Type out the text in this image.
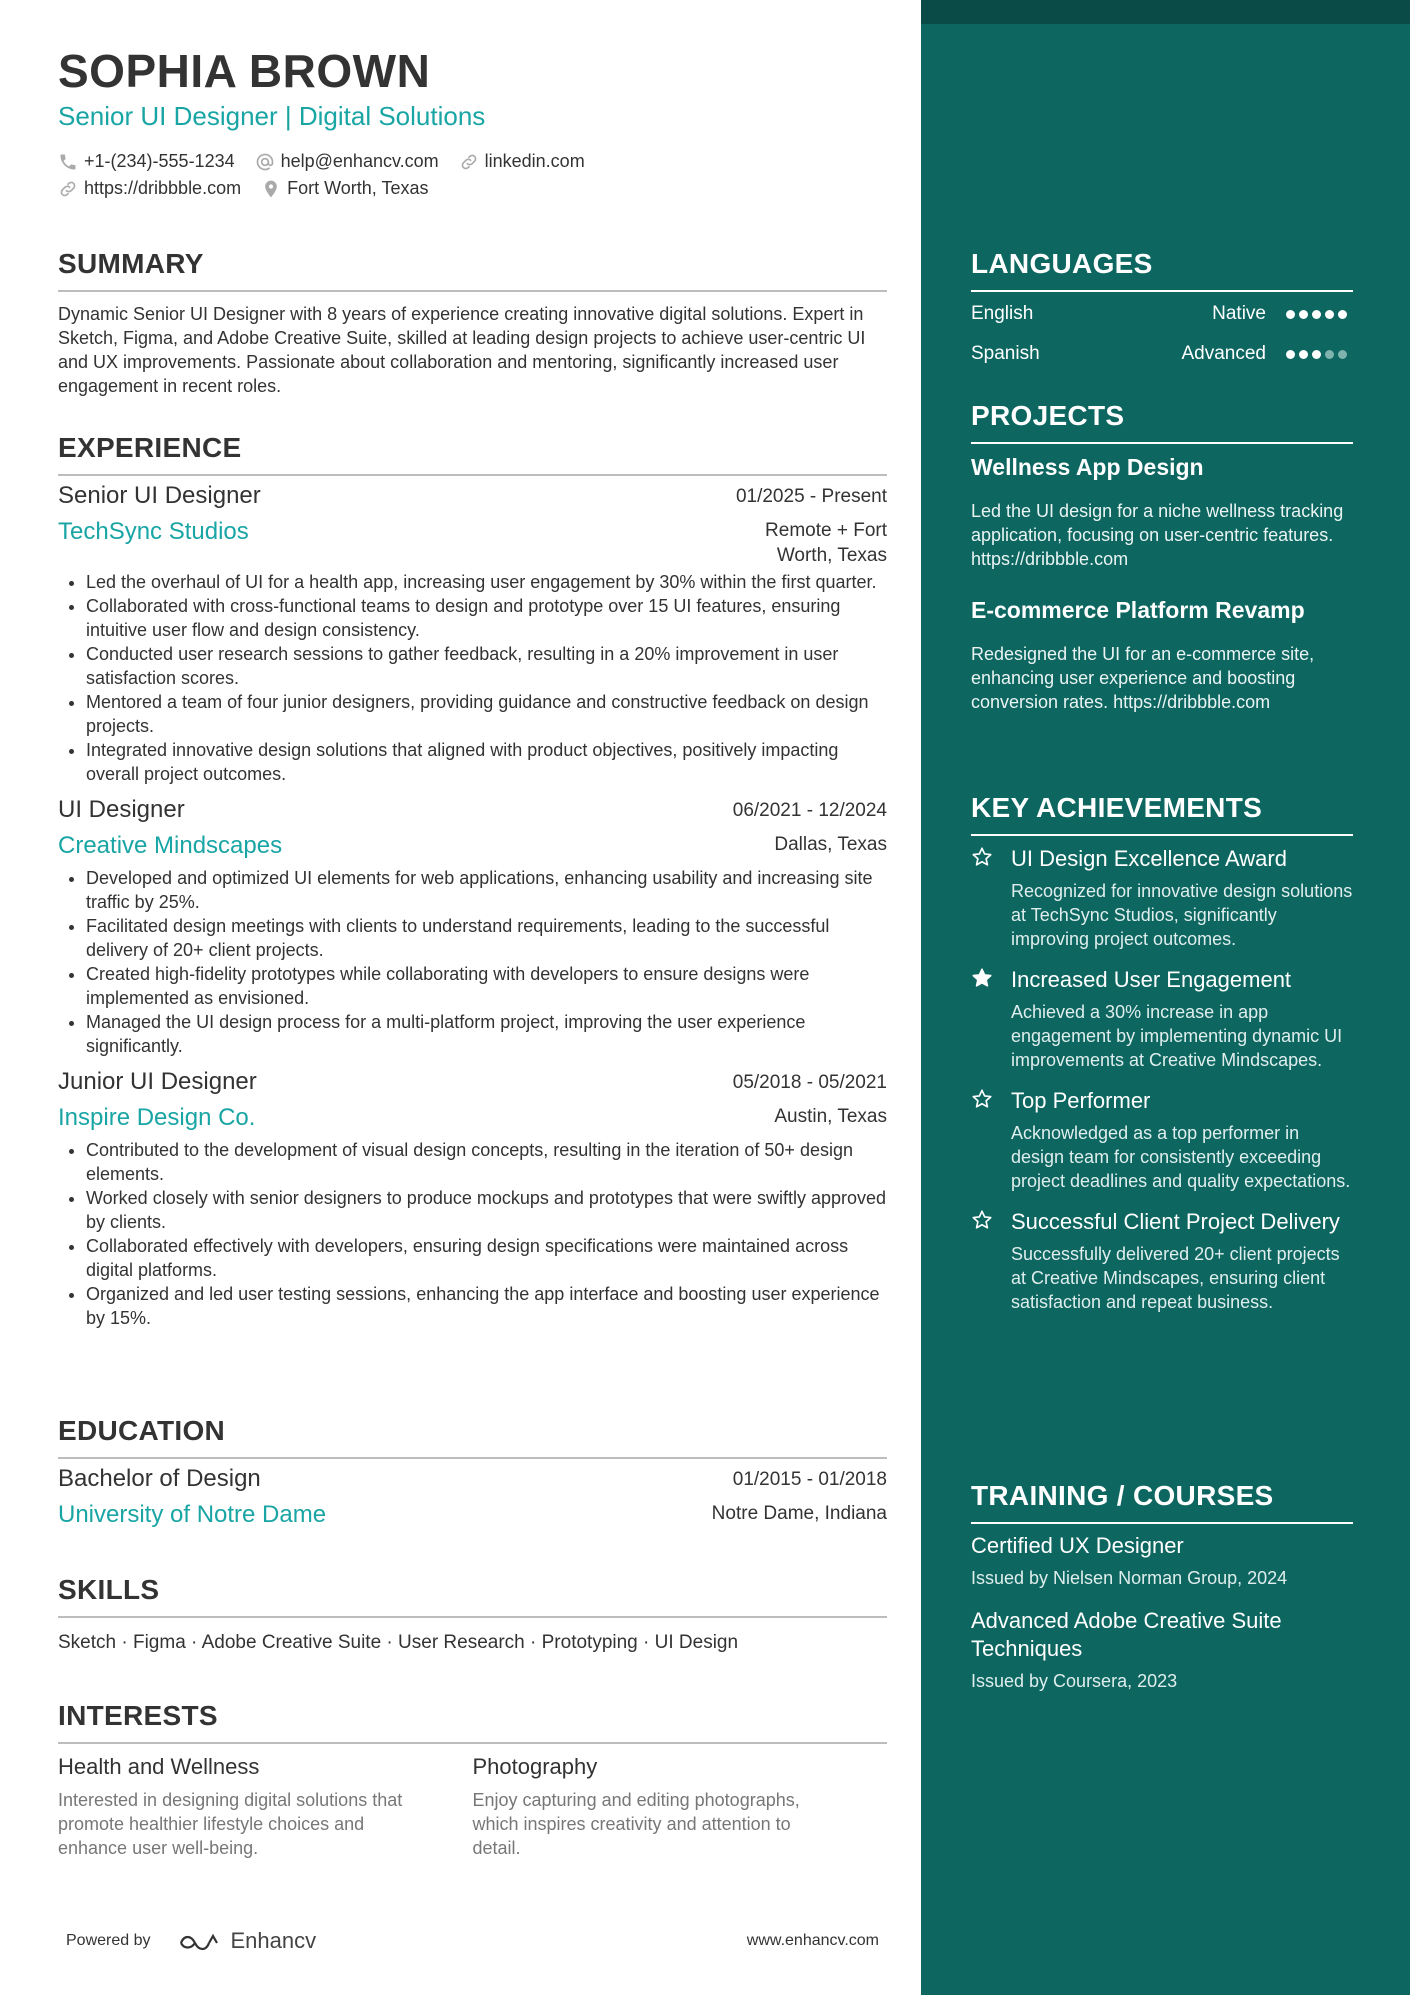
SOPHIA BROWN
Senior UI Designer | Digital Solutions
+1-(234)-555-1234	help@enhancv.com	linkedin.com
https://dribbble.com	Fort Worth, Texas
SUMMARY

Dynamic Senior UI Designer with 8 years of experience creating innovative digital solutions. Expert in Sketch, Figma, and Adobe Creative Suite, skilled at leading design projects to achieve user-centric UI and UX improvements. Passionate about collaboration and mentoring, significantly increased user engagement in recent roles.

EXPERIENCE
Senior UI Designer	01/2025 - Present
TechSync Studios	Remote + Fort
Worth, Texas
• Led the overhaul of UI for a health app, increasing user engagement by 30% within the first quarter.
• Collaborated with cross-functional teams to design and prototype over 15 UI features, ensuring intuitive user flow and design consistency.
• Conducted user research sessions to gather feedback, resulting in a 20% improvement in user satisfaction scores.
• Mentored a team of four junior designers, providing guidance and constructive feedback on design projects.
• Integrated innovative design solutions that aligned with product objectives, positively impacting overall project outcomes.
UI Designer	06/2021 - 12/2024
Creative Mindscapes	Dallas, Texas
• Developed and optimized UI elements for web applications, enhancing usability and increasing site traffic by 25%.
• Facilitated design meetings with clients to understand requirements, leading to the successful delivery of 20+ client projects.
• Created high-fidelity prototypes while collaborating with developers to ensure designs were implemented as envisioned.
• Managed the UI design process for a multi-platform project, improving the user experience significantly.
Junior UI Designer	05/2018 - 05/2021
Inspire Design Co.	Austin, Texas
• Contributed to the development of visual design concepts, resulting in the iteration of 50+ design elements.
• Worked closely with senior designers to produce mockups and prototypes that were swiftly approved by clients.
• Collaborated effectively with developers, ensuring design specifications were maintained across digital platforms.
• Organized and led user testing sessions, enhancing the app interface and boosting user experience by 15%.
EDUCATION
Bachelor of Design	01/2015 - 01/2018
University of Notre Dame	Notre Dame, Indiana
SKILLS
Sketch · Figma · Adobe Creative Suite · User Research · Prototyping · UI Design
INTERESTS
Health and Wellness
Interested in designing digital solutions that promote healthier lifestyle choices and enhance user well-being.
Photography
Enjoy capturing and editing photographs, which inspires creativity and attention to detail.
Powered by	Enhancv	www.enhancv.com
LANGUAGES
English	Native
Spanish	Advanced
PROJECTS
Wellness App Design
Led the UI design for a niche wellness tracking application, focusing on user-centric features. https://dribbble.com
E-commerce Platform Revamp
Redesigned the UI for an e-commerce site, enhancing user experience and boosting conversion rates. https://dribbble.com
KEY ACHIEVEMENTS
UI Design Excellence Award
Recognized for innovative design solutions at TechSync Studios, significantly improving project outcomes.
Increased User Engagement
Achieved a 30% increase in app engagement by implementing dynamic UI improvements at Creative Mindscapes.
Top Performer
Acknowledged as a top performer in design team for consistently exceeding project deadlines and quality expectations.
Successful Client Project Delivery
Successfully delivered 20+ client projects at Creative Mindscapes, ensuring client satisfaction and repeat business.
TRAINING / COURSES
Certified UX Designer
Issued by Nielsen Norman Group, 2024
Advanced Adobe Creative Suite Techniques
Issued by Coursera, 2023
